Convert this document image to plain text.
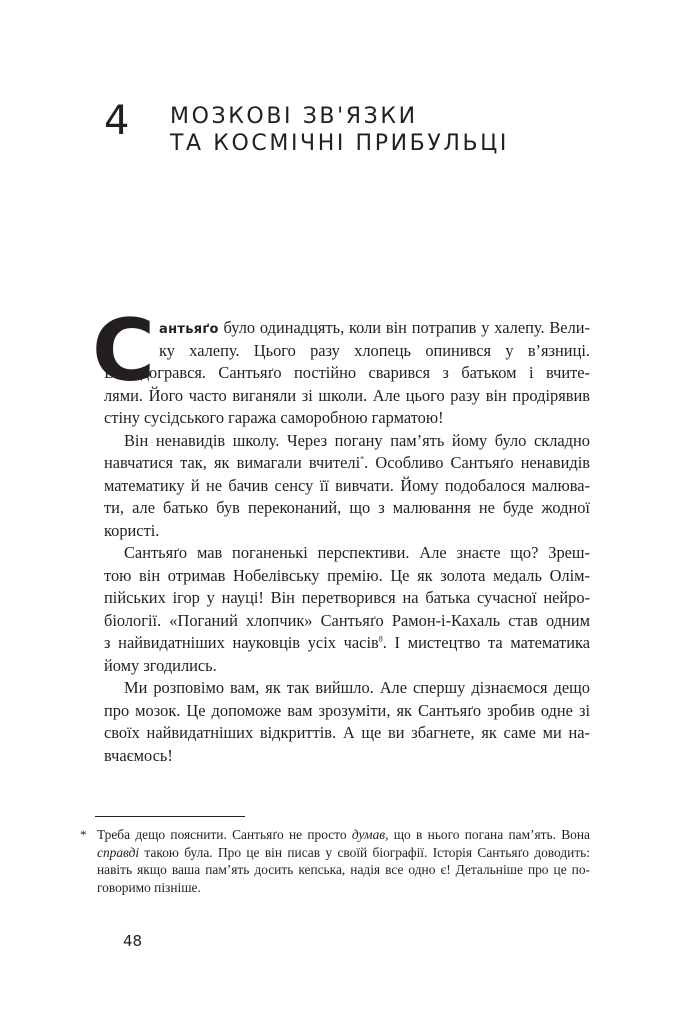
4 МОЗКОВІ ЗВ'ЯЗКИ
ТА КОСМІЧНІ ПРИБУЛЬЦІ
С антьяґо було одинадцять, коли він потрапив у халепу. Вели-
ку халепу. Цього разу хлопець опинився у в’язниці.
Він догрався. Сантьяґо постійно сварився з батьком і вчите-
лями. Його часто виганяли зі школи. Але цього разу він продірявив
стіну сусідського гаража саморобною гарматою!
Він ненавидів школу. Через погану пам’ять йому було складно
навчатися так, як вимагали вчителі*. Особливо Сантьяґо ненавидів
математику й не бачив сенсу її вивчати. Йому подобалося малюва-
ти, але батько був переконаний, що з малювання не буде жодної
користі.
Сантьяґо мав поганенькі перспективи. Але знаєте що? Зреш-
тою він отримав Нобелівську премію. Це як золота медаль Олім-
пійських ігор у науці! Він перетворився на батька сучасної нейро-
біології. «Поганий хлопчик» Сантьяґо Рамон-і-Кахаль став одним
з найвидатніших науковців усіх часів$^8$. І мистецтво та математика
йому згодились.
Ми розповімо вам, як так вийшло. Але спершу дізнаємося дещо
про мозок. Це допоможе вам зрозуміти, як Сантьяґо зробив одне зі
своїх найвидатніших відкриттів. А ще ви збагнете, як саме ми на-
вчаємось!
* Треба дещо пояснити. Сантьяґо не просто думав, що в нього погана пам’ять. Вона
справді такою була. Про це він писав у своїй біографії. Історія Сантьяґо доводить:
навіть якщо ваша пам’ять досить кепська, надія все одно є! Детальніше про це по-
говоримо пізніше.
48
